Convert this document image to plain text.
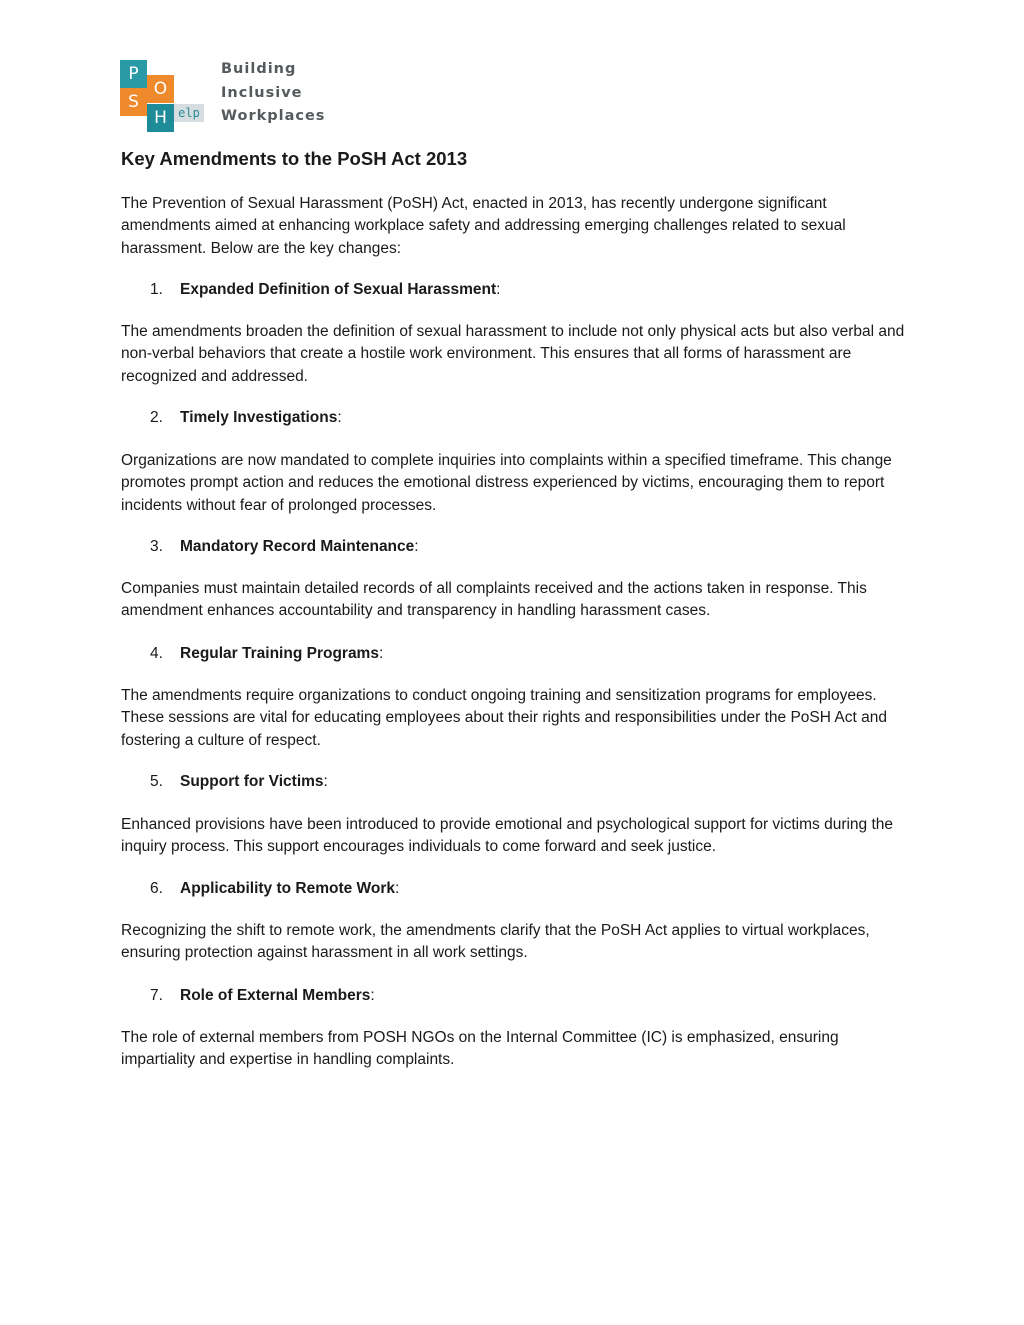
P
O
S
H elp
Building
Inclusive
Workplaces
Key Amendments to the PoSH Act 2013

The Prevention of Sexual Harassment (PoSH) Act, enacted in 2013, has recently undergone significant amendments aimed at enhancing workplace safety and addressing emerging challenges related to sexual harassment. Below are the key changes:

1. Expanded Definition of Sexual Harassment:

The amendments broaden the definition of sexual harassment to include not only physical acts but also verbal and non-verbal behaviors that create a hostile work environment. This ensures that all forms of harassment are recognized and addressed.

2. Timely Investigations:

Organizations are now mandated to complete inquiries into complaints within a specified timeframe. This change promotes prompt action and reduces the emotional distress experienced by victims, encouraging them to report incidents without fear of prolonged processes.

3. Mandatory Record Maintenance:

Companies must maintain detailed records of all complaints received and the actions taken in response. This amendment enhances accountability and transparency in handling harassment cases.

4. Regular Training Programs:

The amendments require organizations to conduct ongoing training and sensitization programs for employees. These sessions are vital for educating employees about their rights and responsibilities under the PoSH Act and fostering a culture of respect.

5. Support for Victims:

Enhanced provisions have been introduced to provide emotional and psychological support for victims during the inquiry process. This support encourages individuals to come forward and seek justice.

6. Applicability to Remote Work:

Recognizing the shift to remote work, the amendments clarify that the PoSH Act applies to virtual workplaces, ensuring protection against harassment in all work settings.

7. Role of External Members:

The role of external members from POSH NGOs on the Internal Committee (IC) is emphasized, ensuring impartiality and expertise in handling complaints.
